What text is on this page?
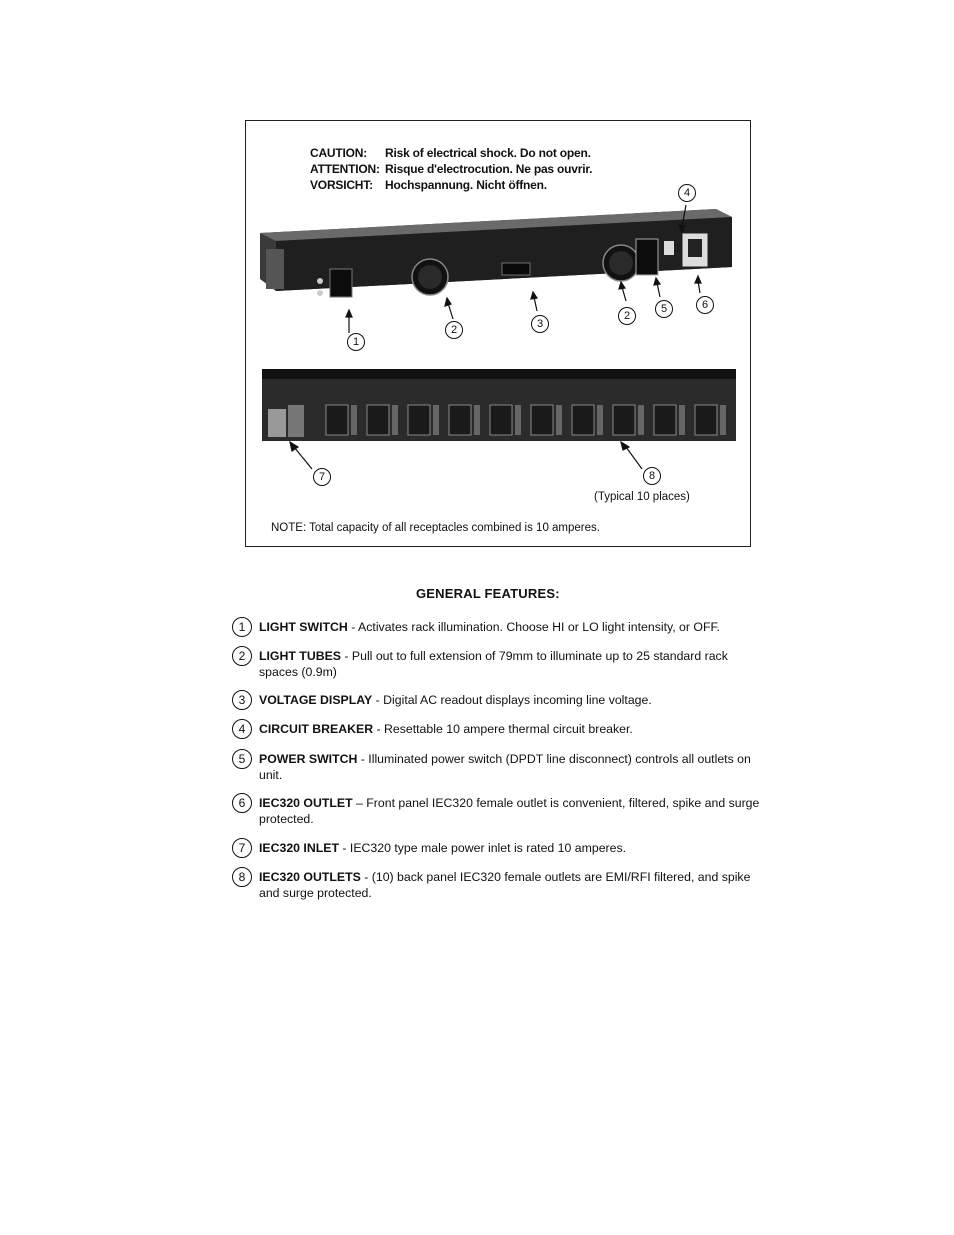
CAUTION:	Risk of electrical shock. Do not open.
ATTENTION: Risque d'electrocution. Ne pas ouvrir.
VORSICHT:	Hochspannung. Nicht öffnen.
1
2	3
2
5
4
6
7	8
(Typical 10 places)
NOTE: Total capacity of all receptacles combined is 10 amperes.
GENERAL FEATURES:
1	LIGHT SWITCH - Activates rack illumination. Choose HI or LO light intensity, or OFF.
2	LIGHT TUBES - Pull out to full extension of 79mm to illuminate up to 25 standard rack spaces (0.9m)
3	VOLTAGE DISPLAY - Digital AC readout displays incoming line voltage.
4	CIRCUIT BREAKER - Resettable 10 ampere thermal circuit breaker.
5	POWER SWITCH - Illuminated power switch (DPDT line disconnect) controls all outlets on unit.
6	IEC320 OUTLET – Front panel IEC320 female outlet is convenient, filtered, spike and surge protected.
7	IEC320 INLET - IEC320 type male power inlet is rated 10 amperes.
8	IEC320 OUTLETS - (10) back panel IEC320 female outlets are EMI/RFI filtered, and spike and surge protected.
